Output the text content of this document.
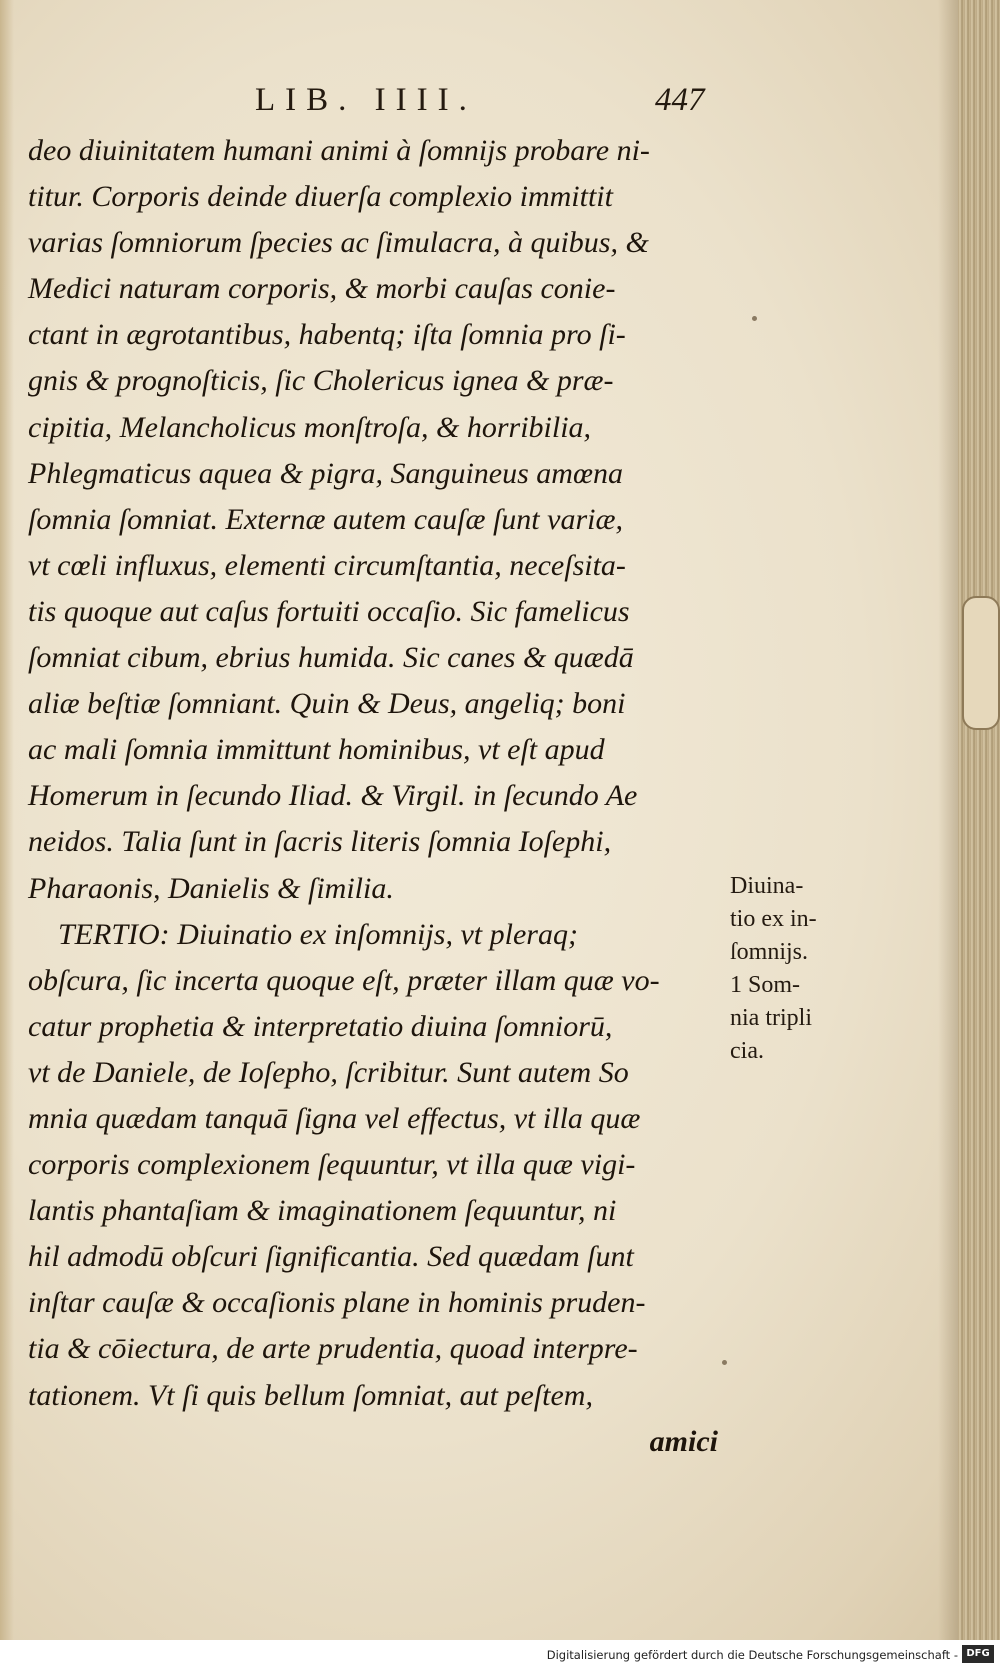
LIB. IIII.	447
deo diuinitatem humani animi à ſomnijs probare ni-
titur. Corporis deinde diuerſa complexio immittit
varias ſomniorum ſpecies ac ſimulacra, à quibus, &
Medici naturam corporis, & morbi cauſas conie-
ctant in ægrotantibus, habentq; iſta ſomnia pro ſi-
gnis & prognoſticis, ſic Cholericus ignea & præ-
cipitia, Melancholicus monſtroſa, & horribilia,
Phlegmaticus aquea & pigra, Sanguineus amœna
ſomnia ſomniat. Externæ autem cauſæ ſunt variæ,
vt cœli influxus, elementi circumſtantia, neceſsita-
tis quoque aut caſus fortuiti occaſio. Sic famelicus
ſomniat cibum, ebrius humida. Sic canes & quædā
aliæ beſtiæ ſomniant. Quin & Deus, angeliq; boni
ac mali ſomnia immittunt hominibus, vt eſt apud
Homerum in ſecundo Iliad. & Virgil. in ſecundo Ae
neidos. Talia ſunt in ſacris literis ſomnia Ioſephi,
Pharaonis, Danielis & ſimilia.
TERTIO: Diuinatio ex inſomnijs, vt pleraq;
obſcura, ſic incerta quoque eſt, præter illam quæ vo-
catur prophetia & interpretatio diuina ſomniorū,
vt de Daniele, de Ioſepho, ſcribitur. Sunt autem So
mnia quædam tanquā ſigna vel effectus, vt illa quæ
corporis complexionem ſequuntur, vt illa quæ vigi-
lantis phantaſiam & imaginationem ſequuntur, ni
hil admodū obſcuri ſignificantia. Sed quædam ſunt
inſtar cauſæ & occaſionis plane in hominis pruden-
tia & cōiectura, de arte prudentia, quoad interpre-
tationem. Vt ſi quis bellum ſomniat, aut peſtem,
amici
Diuina-
tio ex in-
ſomnijs.
1 Som-
nia tripli
cia.
Digitalisierung gefördert durch die Deutsche Forschungsgemeinschaft - DFG
